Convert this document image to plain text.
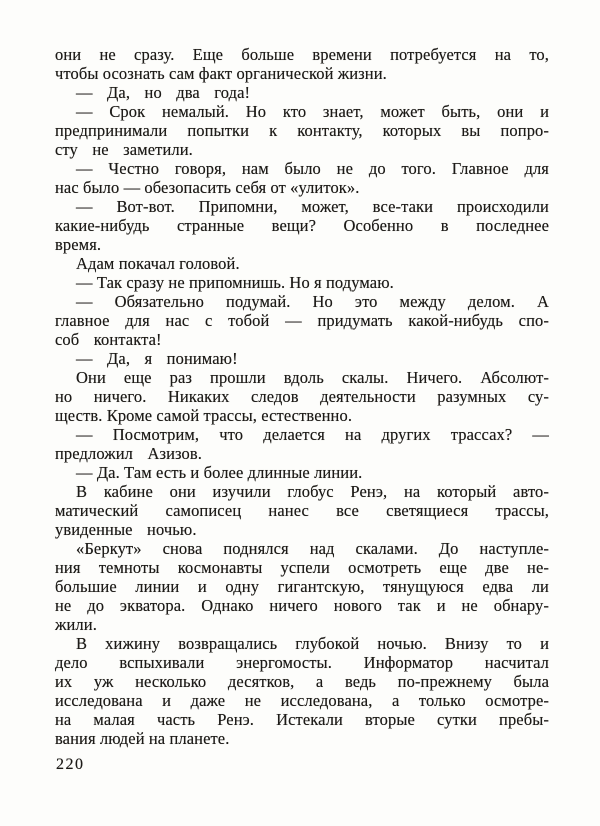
они не сразу. Еще больше времени потребуется на то,
чтобы осознать сам факт органической жизни.
— Да, но два года!
— Срок немалый. Но кто знает, может быть, они и
предпринимали попытки к контакту, которых вы попро-
сту не заметили.
— Честно говоря, нам было не до того. Главное для
нас было — обезопасить себя от «улиток».
— Вот-вот. Припомни, может, все-таки происходили
какие-нибудь странные вещи? Особенно в последнее
время.
Адам покачал головой.
— Так сразу не припомнишь. Но я подумаю.
— Обязательно подумай. Но это между делом. А
главное для нас с тобой — придумать какой-нибудь спо-
соб контакта!
— Да, я понимаю!
Они еще раз прошли вдоль скалы. Ничего. Абсолют-
но ничего. Никаких следов деятельности разумных су-
ществ. Кроме самой трассы, естественно.
— Посмотрим, что делается на других трассах? —
предложил Азизов.
— Да. Там есть и более длинные линии.
В кабине они изучили глобус Ренэ, на который авто-
матический самописец нанес все светящиеся трассы,
увиденные ночью.
«Беркут» снова поднялся над скалами. До наступле-
ния темноты космонавты успели осмотреть еще две не-
большие линии и одну гигантскую, тянущуюся едва ли
не до экватора. Однако ничего нового так и не обнару-
жили.
В хижину возвращались глубокой ночью. Внизу то и
дело вспыхивали энергомосты. Информатор насчитал
их уж несколько десятков, а ведь по-прежнему была
исследована и даже не исследована, а только осмотре-
на малая часть Ренэ. Истекали вторые сутки пребы-
вания людей на планете.
220
